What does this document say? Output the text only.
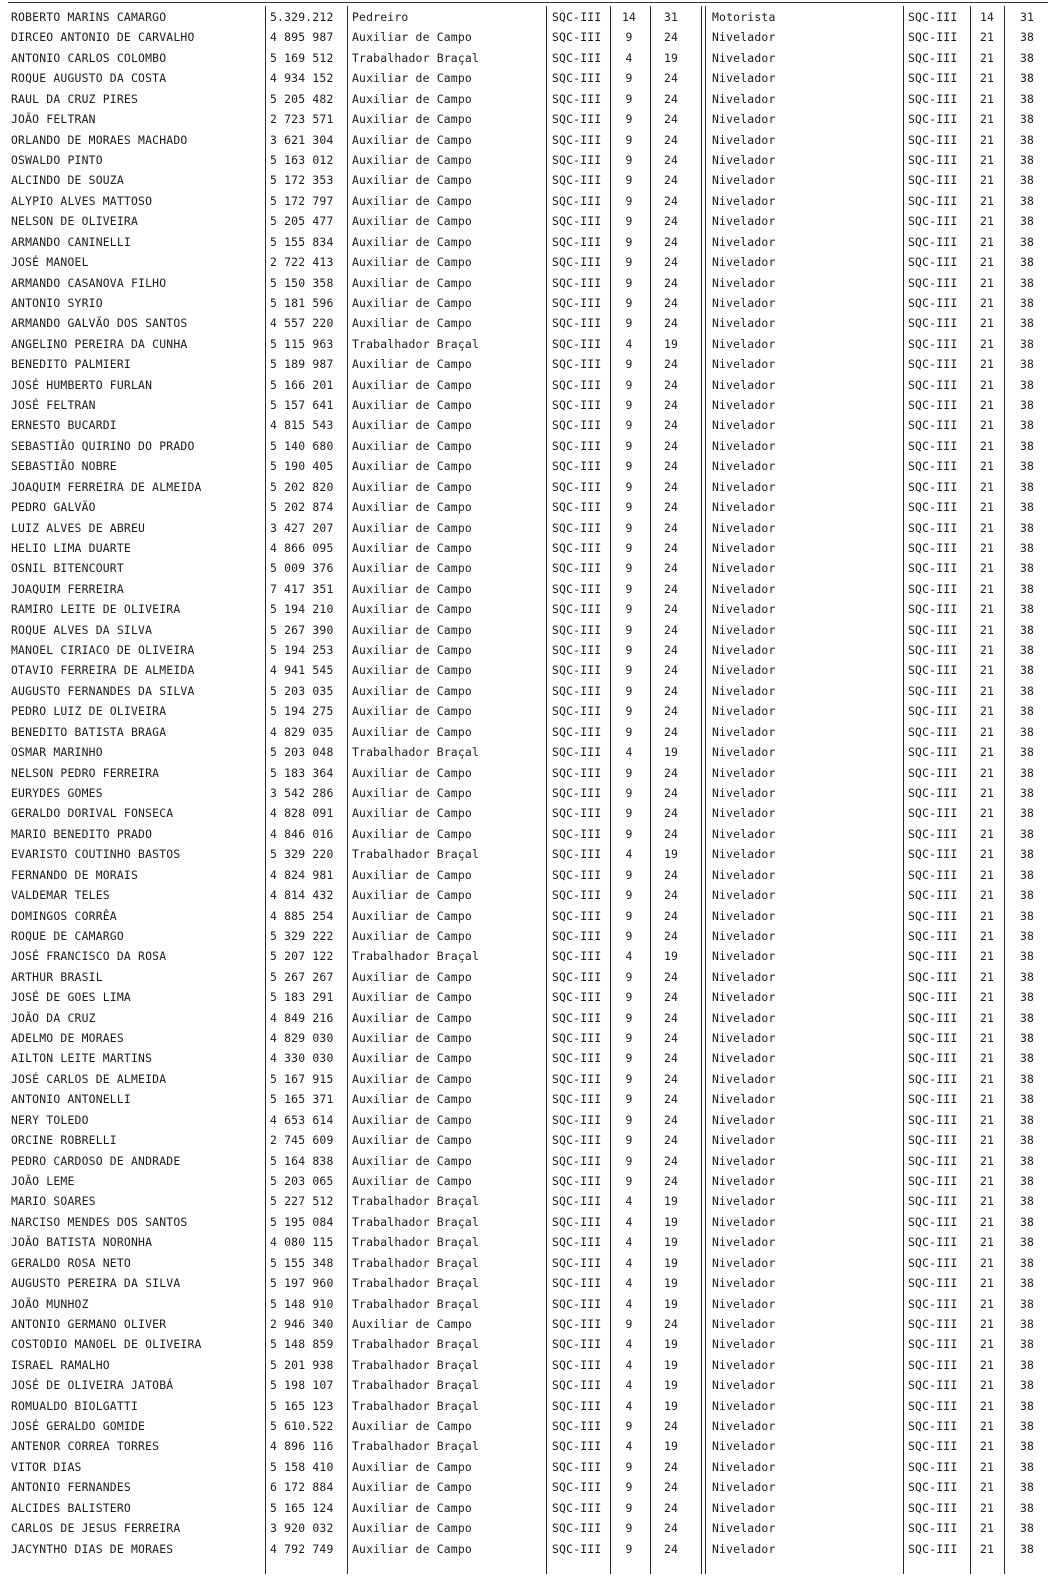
ROBERTO MARINS CAMARGO	5.329.212	Pedreiro	SQC-III	14	31	Motorista	SQC-III	14	31
DIRCEO ANTONIO DE CARVALHO	4 895 987	Auxiliar de Campo	SQC-III	9	24	Nivelador	SQC-III	21	38
ANTONIO CARLOS COLOMBO	5 169 512	Trabalhador Braçal	SQC-III	4	19	Nivelador	SQC-III	21	38
ROQUE AUGUSTO DA COSTA	4 934 152	Auxiliar de Campo	SQC-III	9	24	Nivelador	SQC-III	21	38
RAUL DA CRUZ PIRES	5 205 482	Auxiliar de Campo	SQC-III	9	24	Nivelador	SQC-III	21	38
JOÃO FELTRAN	2 723 571	Auxiliar de Campo	SQC-III	9	24	Nivelador	SQC-III	21	38
ORLANDO DE MORAES MACHADO	3 621 304	Auxiliar de Campo	SQC-III	9	24	Nivelador	SQC-III	21	38
OSWALDO PINTO	5 163 012	Auxiliar de Campo	SQC-III	9	24	Nivelador	SQC-III	21	38
ALCINDO DE SOUZA	5 172 353	Auxiliar de Campo	SQC-III	9	24	Nivelador	SQC-III	21	38
ALYPIO ALVES MATTOSO	5 172 797	Auxiliar de Campo	SQC-III	9	24	Nivelador	SQC-III	21	38
NELSON DE OLIVEIRA	5 205 477	Auxiliar de Campo	SQC-III	9	24	Nivelador	SQC-III	21	38
ARMANDO CANINELLI	5 155 834	Auxiliar de Campo	SQC-III	9	24	Nivelador	SQC-III	21	38
JOSÉ MANOEL	2 722 413	Auxiliar de Campo	SQC-III	9	24	Nivelador	SQC-III	21	38
ARMANDO CASANOVA FILHO	5 150 358	Auxiliar de Campo	SQC-III	9	24	Nivelador	SQC-III	21	38
ANTONIO SYRIO	5 181 596	Auxiliar de Campo	SQC-III	9	24	Nivelador	SQC-III	21	38
ARMANDO GALVÃO DOS SANTOS	4 557 220	Auxiliar de Campo	SQC-III	9	24	Nivelador	SQC-III	21	38
ANGELINO PEREIRA DA CUNHA	5 115 963	Trabalhador Braçal	SQC-III	4	19	Nivelador	SQC-III	21	38
BENEDITO PALMIERI	5 189 987	Auxiliar de Campo	SQC-III	9	24	Nivelador	SQC-III	21	38
JOSÉ HUMBERTO FURLAN	5 166 201	Auxiliar de Campo	SQC-III	9	24	Nivelador	SQC-III	21	38
JOSÉ FELTRAN	5 157 641	Auxiliar de Campo	SQC-III	9	24	Nivelador	SQC-III	21	38
ERNESTO BUCARDI	4 815 543	Auxiliar de Campo	SQC-III	9	24	Nivelador	SQC-III	21	38
SEBASTIÃO QUIRINO DO PRADO	5 140 680	Auxiliar de Campo	SQC-III	9	24	Nivelador	SQC-III	21	38
SEBASTIÃO NOBRE	5 190 405	Auxiliar de Campo	SQC-III	9	24	Nivelador	SQC-III	21	38
JOAQUIM FERREIRA DE ALMEIDA	5 202 820	Auxiliar de Campo	SQC-III	9	24	Nivelador	SQC-III	21	38
PEDRO GALVÃO	5 202 874	Auxiliar de Campo	SQC-III	9	24	Nivelador	SQC-III	21	38
LUIZ ALVES DE ABREU	3 427 207	Auxiliar de Campo	SQC-III	9	24	Nivelador	SQC-III	21	38
HELIO LIMA DUARTE	4 866 095	Auxiliar de Campo	SQC-III	9	24	Nivelador	SQC-III	21	38
OSNIL BITENCOURT	5 009 376	Auxiliar de Campo	SQC-III	9	24	Nivelador	SQC-III	21	38
JOAQUIM FERREIRA	7 417 351	Auxiliar de Campo	SQC-III	9	24	Nivelador	SQC-III	21	38
RAMIRO LEITE DE OLIVEIRA	5 194 210	Auxiliar de Campo	SQC-III	9	24	Nivelador	SQC-III	21	38
ROQUE ALVES DA SILVA	5 267 390	Auxiliar de Campo	SQC-III	9	24	Nivelador	SQC-III	21	38
MANOEL CIRIACO DE OLIVEIRA	5 194 253	Auxiliar de Campo	SQC-III	9	24	Nivelador	SQC-III	21	38
OTAVIO FERREIRA DE ALMEIDA	4 941 545	Auxiliar de Campo	SQC-III	9	24	Nivelador	SQC-III	21	38
AUGUSTO FERNANDES DA SILVA	5 203 035	Auxiliar de Campo	SQC-III	9	24	Nivelador	SQC-III	21	38
PEDRO LUIZ DE OLIVEIRA	5 194 275	Auxiliar de Campo	SQC-III	9	24	Nivelador	SQC-III	21	38
BENEDITO BATISTA BRAGA	4 829 035	Auxiliar de Campo	SQC-III	9	24	Nivelador	SQC-III	21	38
OSMAR MARINHO	5 203 048	Trabalhador Braçal	SQC-III	4	19	Nivelador	SQC-III	21	38
NELSON PEDRO FERREIRA	5 183 364	Auxiliar de Campo	SQC-III	9	24	Nivelador	SQC-III	21	38
EURYDES GOMES	3 542 286	Auxiliar de Campo	SQC-III	9	24	Nivelador	SQC-III	21	38
GERALDO DORIVAL FONSECA	4 828 091	Auxiliar de Campo	SQC-III	9	24	Nivelador	SQC-III	21	38
MARIO BENEDITO PRADO	4 846 016	Auxiliar de Campo	SQC-III	9	24	Nivelador	SQC-III	21	38
EVARISTO COUTINHO BASTOS	5 329 220	Trabalhador Braçal	SQC-III	4	19	Nivelador	SQC-III	21	38
FERNANDO DE MORAIS	4 824 981	Auxiliar de Campo	SQC-III	9	24	Nivelador	SQC-III	21	38
VALDEMAR TELES	4 814 432	Auxiliar de Campo	SQC-III	9	24	Nivelador	SQC-III	21	38
DOMINGOS CORRÊA	4 885 254	Auxiliar de Campo	SQC-III	9	24	Nivelador	SQC-III	21	38
ROQUE DE CAMARGO	5 329 222	Auxiliar de Campo	SQC-III	9	24	Nivelador	SQC-III	21	38
JOSÉ FRANCISCO DA ROSA	5 207 122	Trabalhador Braçal	SQC-III	4	19	Nivelador	SQC-III	21	38
ARTHUR BRASIL	5 267 267	Auxiliar de Campo	SQC-III	9	24	Nivelador	SQC-III	21	38
JOSÉ DE GOES LIMA	5 183 291	Auxiliar de Campo	SQC-III	9	24	Nivelador	SQC-III	21	38
JOÃO DA CRUZ	4 849 216	Auxiliar de Campo	SQC-III	9	24	Nivelador	SQC-III	21	38
ADELMO DE MORAES	4 829 030	Auxiliar de Campo	SQC-III	9	24	Nivelador	SQC-III	21	38
AILTON LEITE MARTINS	4 330 030	Auxiliar de Campo	SQC-III	9	24	Nivelador	SQC-III	21	38
JOSÉ CARLOS DE ALMEIDA	5 167 915	Auxiliar de Campo	SQC-III	9	24	Nivelador	SQC-III	21	38
ANTONIO ANTONELLI	5 165 371	Auxiliar de Campo	SQC-III	9	24	Nivelador	SQC-III	21	38
NERY TOLEDO	4 653 614	Auxiliar de Campo	SQC-III	9	24	Nivelador	SQC-III	21	38
ORCINE ROBRELLI	2 745 609	Auxiliar de Campo	SQC-III	9	24	Nivelador	SQC-III	21	38
PEDRO CARDOSO DE ANDRADE	5 164 838	Auxiliar de Campo	SQC-III	9	24	Nivelador	SQC-III	21	38
JOÃO LEME	5 203 065	Auxiliar de Campo	SQC-III	9	24	Nivelador	SQC-III	21	38
MARIO SOARES	5 227 512	Trabalhador Braçal	SQC-III	4	19	Nivelador	SQC-III	21	38
NARCISO MENDES DOS SANTOS	5 195 084	Trabalhador Braçal	SQC-III	4	19	Nivelador	SQC-III	21	38
JOÃO BATISTA NORONHA	4 080 115	Trabalhador Braçal	SQC-III	4	19	Nivelador	SQC-III	21	38
GERALDO ROSA NETO	5 155 348	Trabalhador Braçal	SQC-III	4	19	Nivelador	SQC-III	21	38
AUGUSTO PEREIRA DA SILVA	5 197 960	Trabalhador Braçal	SQC-III	4	19	Nivelador	SQC-III	21	38
JOÃO MUNHOZ	5 148 910	Trabalhador Braçal	SQC-III	4	19	Nivelador	SQC-III	21	38
ANTONIO GERMANO OLIVER	2 946 340	Auxiliar de Campo	SQC-III	9	24	Nivelador	SQC-III	21	38
COSTODIO MANOEL DE OLIVEIRA	5 148 859	Trabalhador Braçal	SQC-III	4	19	Nivelador	SQC-III	21	38
ISRAEL RAMALHO	5 201 938	Trabalhador Braçal	SQC-III	4	19	Nivelador	SQC-III	21	38
JOSÉ DE OLIVEIRA JATOBÁ	5 198 107	Trabalhador Braçal	SQC-III	4	19	Nivelador	SQC-III	21	38
ROMUALDO BIOLGATTI	5 165 123	Trabalhador Braçal	SQC-III	4	19	Nivelador	SQC-III	21	38
JOSÉ GERALDO GOMIDE	5 610.522	Auxiliar de Campo	SQC-III	9	24	Nivelador	SQC-III	21	38
ANTENOR CORREA TORRES	4 896 116	Trabalhador Braçal	SQC-III	4	19	Nivelador	SQC-III	21	38
VITOR DIAS	5 158 410	Auxiliar de Campo	SQC-III	9	24	Nivelador	SQC-III	21	38
ANTONIO FERNANDES	6 172 884	Auxiliar de Campo	SQC-III	9	24	Nivelador	SQC-III	21	38
ALCIDES BALISTERO	5 165 124	Auxiliar de Campo	SQC-III	9	24	Nivelador	SQC-III	21	38
CARLOS DE JESUS FERREIRA	3 920 032	Auxiliar de Campo	SQC-III	9	24	Nivelador	SQC-III	21	38
JACYNTHO DIAS DE MORAES	4 792 749	Auxiliar de Campo	SQC-III	9	24	Nivelador	SQC-III	21	38
